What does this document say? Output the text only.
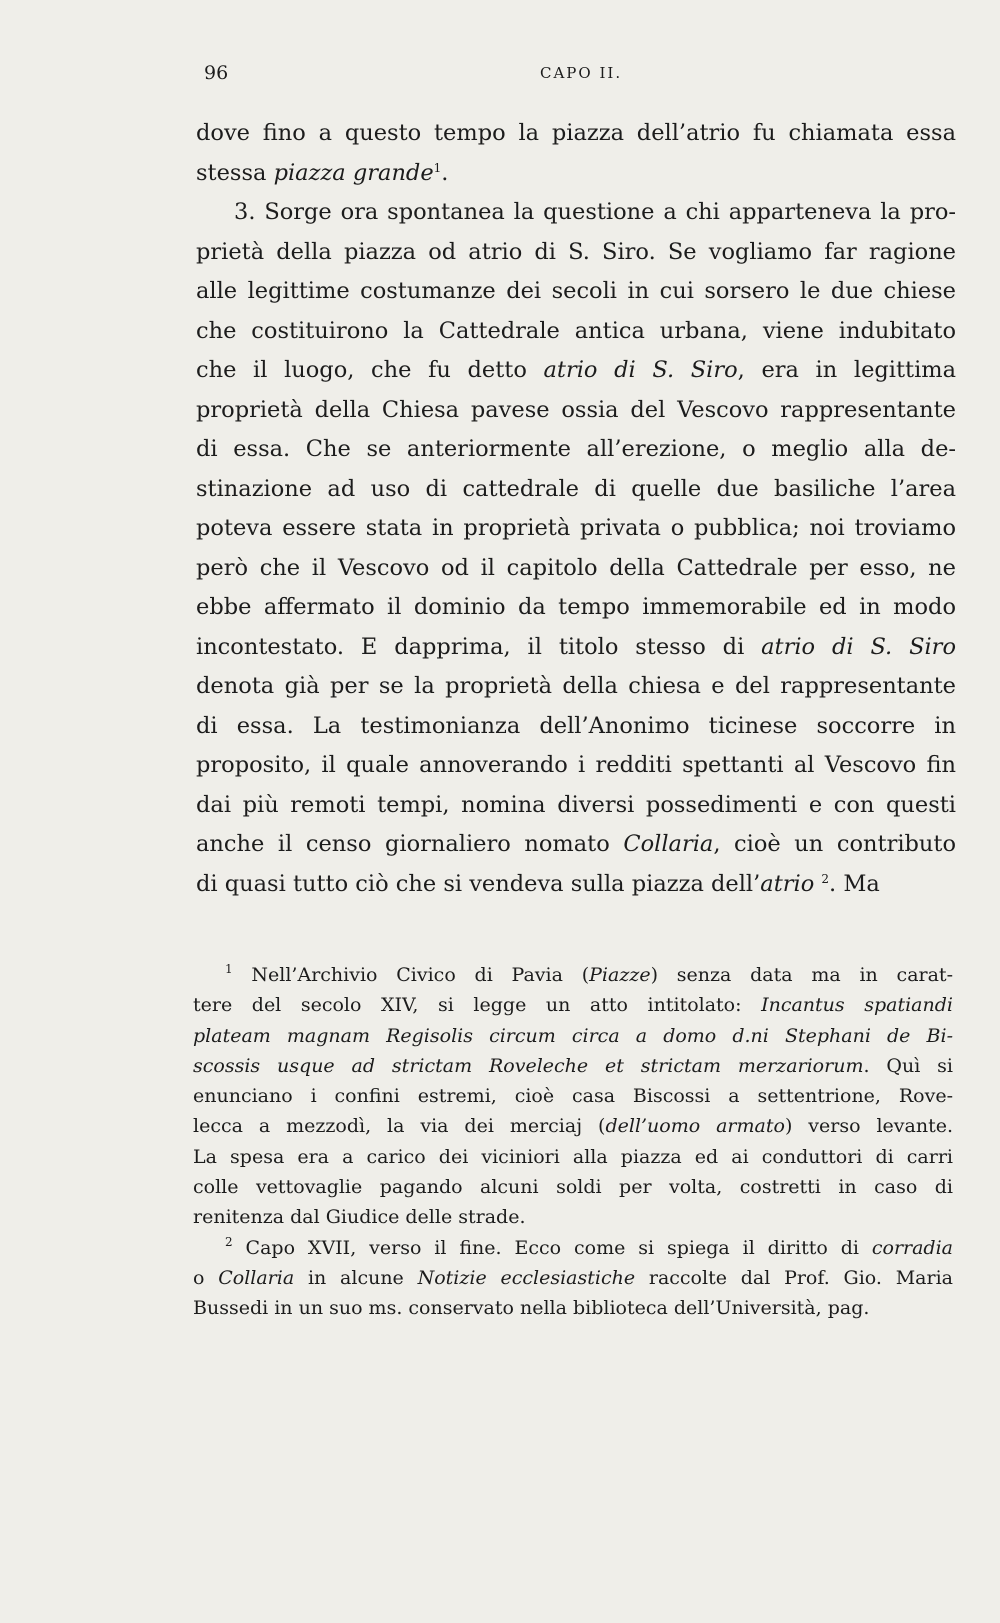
96	CAPO II.
dove fino a questo tempo la piazza dell’atrio fu chiamata essa
stessa piazza grande$^1$.
3. Sorge ora spontanea la questione a chi apparteneva la pro-
prietà della piazza od atrio di S. Siro. Se vogliamo far ragione
alle legittime costumanze dei secoli in cui sorsero le due chiese
che costituirono la Cattedrale antica urbana, viene indubitato
che il luogo, che fu detto atrio di S. Siro, era in legittima
proprietà della Chiesa pavese ossia del Vescovo rappresentante
di essa. Che se anteriormente all’erezione, o meglio alla de-
stinazione ad uso di cattedrale di quelle due basiliche l’area
poteva essere stata in proprietà privata o pubblica; noi troviamo
però che il Vescovo od il capitolo della Cattedrale per esso, ne
ebbe affermato il dominio da tempo immemorabile ed in modo
incontestato. E dapprima, il titolo stesso di atrio di S. Siro
denota già per se la proprietà della chiesa e del rappresentante
di essa. La testimonianza dell’Anonimo ticinese soccorre in
proposito, il quale annoverando i redditi spettanti al Vescovo fin
dai più remoti tempi, nomina diversi possedimenti e con questi
anche il censo giornaliero nomato Collaria, cioè un contributo
di quasi tutto ciò che si vendeva sulla piazza dell’atrio $^2$. Ma
$^1$ Nell’Archivio Civico di Pavia (Piazze) senza data ma in carat-
tere del secolo XIV, si legge un atto intitolato: Incantus spatiandi
plateam magnam Regisolis circum circa a domo d.ni Stephani de Bi-
scossis usque ad strictam Roveleche et strictam merzariorum. Quì si
enunciano i confini estremi, cioè casa Biscossi a settentrione, Rove-
lecca a mezzodì, la via dei merciaj (dell’uomo armato) verso levante.
La spesa era a carico dei viciniori alla piazza ed ai conduttori di carri
colle vettovaglie pagando alcuni soldi per volta, costretti in caso di
renitenza dal Giudice delle strade.
$^2$ Capo XVII, verso il fine. Ecco come si spiega il diritto di corradia
o Collaria in alcune Notizie ecclesiastiche raccolte dal Prof. Gio. Maria
Bussedi in un suo ms. conservato nella biblioteca dell’Università, pag.
